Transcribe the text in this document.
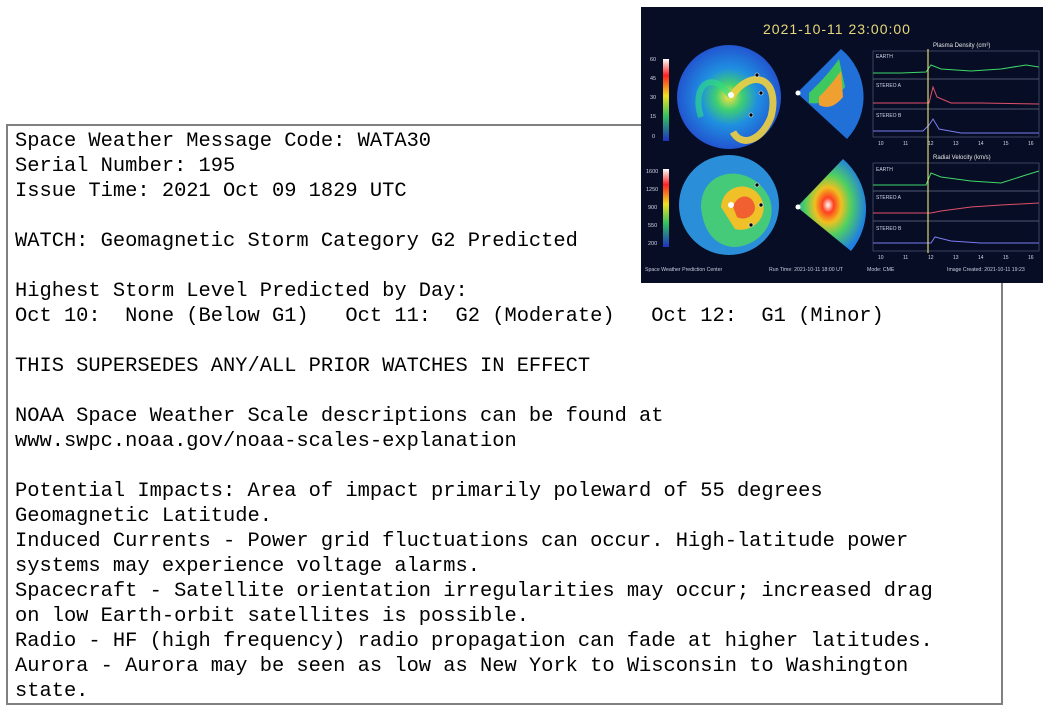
Space Weather Message Code: WATA30
Serial Number: 195
Issue Time: 2021 Oct 09 1829 UTC
WATCH: Geomagnetic Storm Category G2 Predicted
Highest Storm Level Predicted by Day:
Oct 10:  None (Below G1)   Oct 11:  G2 (Moderate)   Oct 12:  G1 (Minor)
THIS SUPERSEDES ANY/ALL PRIOR WATCHES IN EFFECT
NOAA Space Weather Scale descriptions can be found at
www.swpc.noaa.gov/noaa-scales-explanation
Potential Impacts: Area of impact primarily poleward of 55 degrees
Geomagnetic Latitude.
Induced Currents - Power grid fluctuations can occur. High-latitude power
systems may experience voltage alarms.
Spacecraft - Satellite orientation irregularities may occur; increased drag
on low Earth-orbit satellites is possible.
Radio - HF (high frequency) radio propagation can fade at higher latitudes.
Aurora - Aurora may be seen as low as New York to Wisconsin to Washington
state.
2021-10-11 23:00:00
60
45
30
15
0
1600
1250
900
550
200
Plasma Density (cm³)
EARTH
STEREO A
STEREO B
10	11	12	13	14	15	16
Radial Velocity (km/s)
EARTH
STEREO A
STEREO B
10	11	12	13	14	15	16
Space Weather Prediction Center	Run Time: 2021-10-11 18:00 UT	Mode: CME	Image Created: 2021-10-11 19:23
